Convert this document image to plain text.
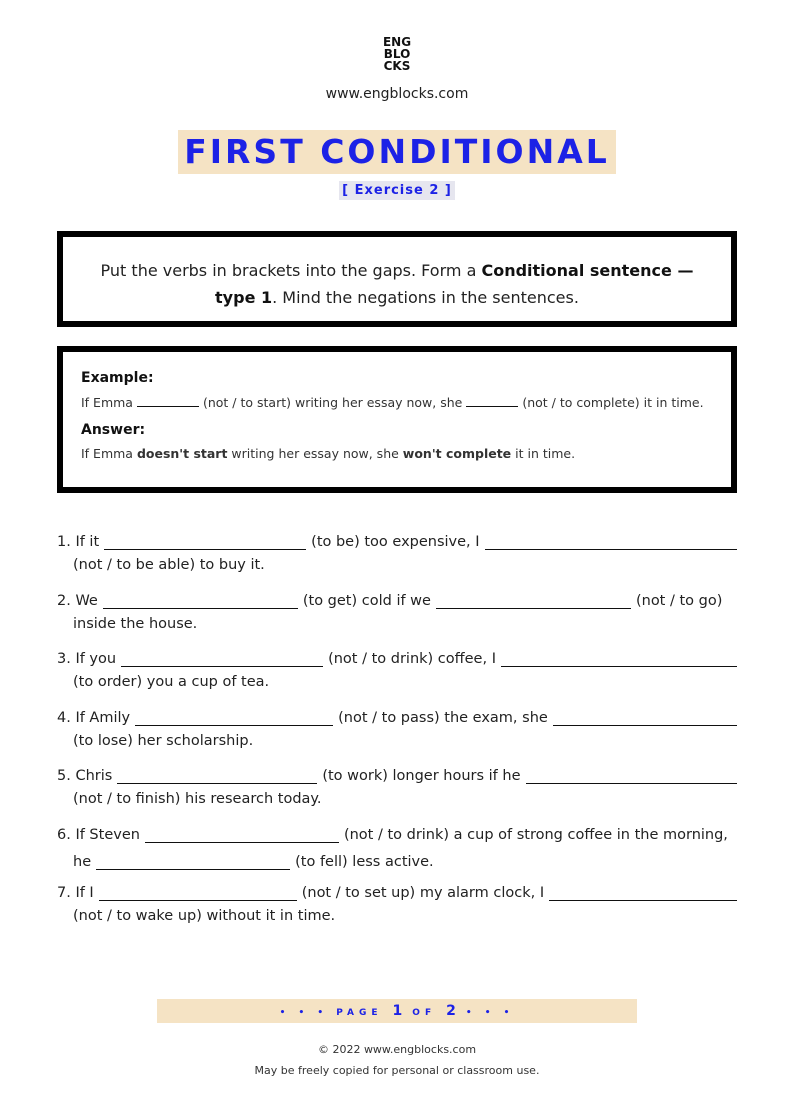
ENG
BLO
CKS
www.engblocks.com
FIRST CONDITIONAL
[ Exercise 2 ]
Put the verbs in brackets into the gaps. Form a Conditional sentence — type 1. Mind the negations in the sentences.
Example:
If Emma	(not / to start) writing her essay now, she	(not / to complete) it in time.
Answer:
If Emma doesn't start writing her essay now, she won't complete it in time.
1. If it	(to be) too expensive, I
(not / to be able) to buy it.
2. We	(to get) cold if we	(not / to go)
inside the house.
3. If you	(not / to drink) coffee, I
(to order) you a cup of tea.
4. If Amily	(not / to pass) the exam, she
(to lose) her scholarship.
5. Chris	(to work) longer hours if he
(not / to finish) his research today.
6. If Steven	(not / to drink) a cup of strong coffee in the morning,
he	(to fell) less active.
7. If I	(not / to set up) my alarm clock, I
(not / to wake up) without it in time.
• • • PAGE 1 OF 2 • • •
© 2022 www.engblocks.com
May be freely copied for personal or classroom use.
